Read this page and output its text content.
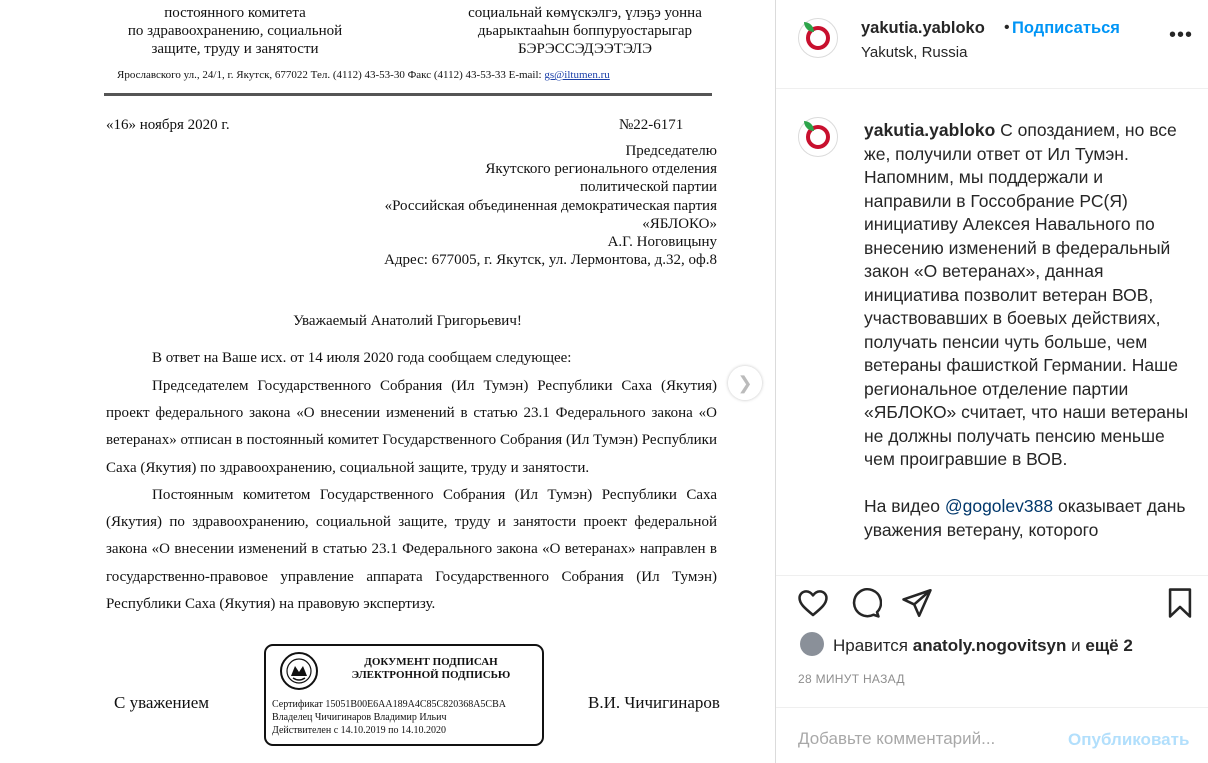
постоянного комитета
по здравоохранению, социальной
защите, труду и занятости
социальнай көмүскэлгэ, үлэҕэ уонна
дьарыктааһын боппуруостарыгар
БЭРЭССЭДЭЭТЭЛЭ
Ярославского ул., 24/1, г. Якутск, 677022 Тел. (4112) 43-53-30 Факс (4112) 43-53-33 E-mail: gs@iltumen.ru
«16» ноября 2020 г.	№22-6171
Председателю
Якутского регионального отделения
политической партии
«Российская объединенная демократическая партия
«ЯБЛОКО»
А.Г. Ноговицыну
Адрес: 677005, г. Якутск, ул. Лермонтова, д.32, оф.8
Уважаемый Анатолий Григорьевич!

В ответ на Ваше исх. от 14 июля 2020 года сообщаем следующее:

Председателем Государственного Собрания (Ил Тумэн) Республики Саха (Якутия) проект федерального закона «О внесении изменений в статью 23.1 Федерального закона «О ветеранах» отписан в постоянный комитет Государственного Собрания (Ил Тумэн) Республики Саха (Якутия) по здравоохранению, социальной защите, труду и занятости.

Постоянным комитетом Государственного Собрания (Ил Тумэн) Республики Саха (Якутия) по здравоохранению, социальной защите, труду и занятости проект федеральной закона «О внесении изменений в статью 23.1 Федерального закона «О ветеранах» направлен в государственно-правовое управление аппарата Государственного Собрания (Ил Тумэн) Республики Саха (Якутия) на правовую экспертизу.

С уважением
ДОКУМЕНТ ПОДПИСАН
ЭЛЕКТРОННОЙ ПОДПИСЬЮ
Сертификат 15051B00E6AA189A4C85C820368A5CBA
Владелец Чичигинаров Владимир Ильич
Действителен с 14.10.2019 по 14.10.2020
В.И. Чичигинаров
❯
yakutia.yabloko • Подписаться
Yakutsk, Russia
•••

yakutia.yabloko С опозданием, но все же, получили ответ от Ил Тумэн. Напомним, мы поддержали и направили в Госсобрание РС(Я) инициативу Алексея Навального по внесению изменений в федеральный закон «О ветеранах», данная инициатива позволит ветеран ВОВ, участвовавших в боевых действиях, получать пенсии чуть больше, чем ветераны фашисткой Германии. Наше региональное отделение партии «ЯБЛОКО» считает, что наши ветераны не должны получать пенсию меньше чем проигравшие в ВОВ.

На видео @gogolev388 оказывает дань уважения ветерану, которого

Нравится anatoly.nogovitsyn и ещё 2
28 МИНУТ НАЗАД
Добавьте комментарий...
Опубликовать
